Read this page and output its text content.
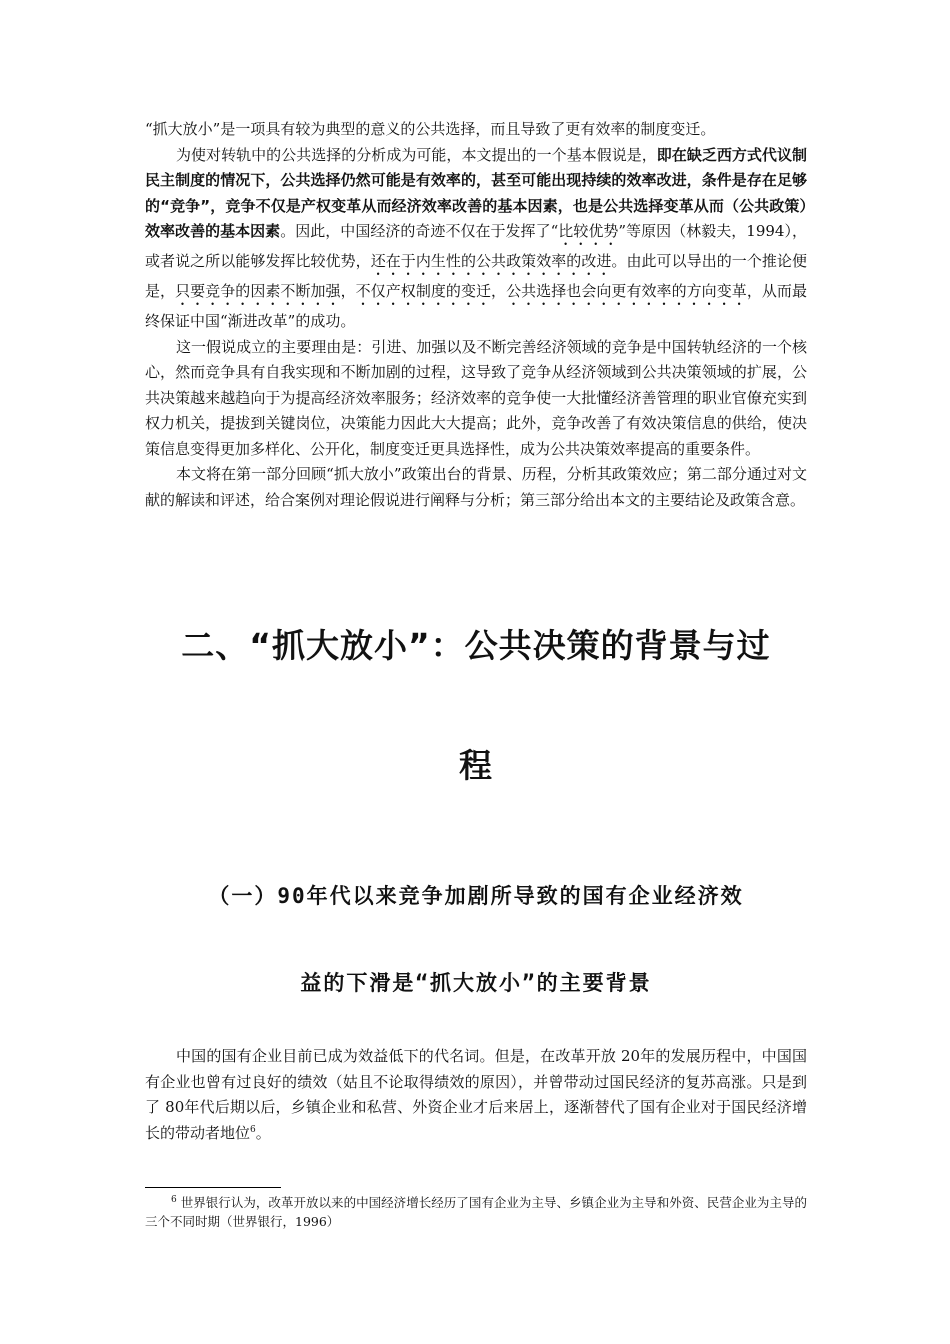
“抓大放小”是一项具有较为典型的意义的公共选择，而且导致了更有效率的制度变迁。

为使对转轨中的公共选择的分析成为可能，本文提出的一个基本假说是，即在缺乏西方式代议制民主制度的情况下，公共选择仍然可能是有效率的，甚至可能出现持续的效率改进，条件是存在足够的“竞争”，竞争不仅是产权变革从而经济效率改善的基本因素，也是公共选择变革从而（公共政策）效率改善的基本因素。因此，中国经济的奇迹不仅在于发挥了“比较优势”等原因（林毅夫，1994），或者说之所以能够发挥比较优势，还在于内生性的公共政策效率的改进。由此可以导出的一个推论便是，只要竞争的因素不断加强，不仅产权制度的变迁，公共选择也会向更有效率的方向变革，从而最终保证中国“渐进改革”的成功。

这一假说成立的主要理由是：引进、加强以及不断完善经济领域的竞争是中国转轨经济的一个核心，然而竞争具有自我实现和不断加剧的过程，这导致了竞争从经济领域到公共决策领域的扩展，公共决策越来越趋向于为提高经济效率服务；经济效率的竞争使一大批懂经济善管理的职业官僚充实到权力机关，提拔到关键岗位，决策能力因此大大提高；此外，竞争改善了有效决策信息的供给，使决策信息变得更加多样化、公开化，制度变迁更具选择性，成为公共决策效率提高的重要条件。

本文将在第一部分回顾“抓大放小”政策出台的背景、历程，分析其政策效应；第二部分通过对文献的解读和评述，给合案例对理论假说进行阐释与分析；第三部分给出本文的主要结论及政策含意。

二、“抓大放小”：公共决策的背景与过
程
（一）90年代以来竞争加剧所导致的国有企业经济效
益的下滑是“抓大放小”的主要背景

中国的国有企业目前已成为效益低下的代名词。但是，在改革开放 20年的发展历程中，中国国有企业也曾有过良好的绩效（姑且不论取得绩效的原因），并曾带动过国民经济的复苏高涨。只是到了 80年代后期以后，乡镇企业和私营、外资企业才后来居上，逐渐替代了国有企业对于国民经济增长的带动者地位$^6$。

$^6$ 世界银行认为，改革开放以来的中国经济增长经历了国有企业为主导、乡镇企业为主导和外资、民营企业为主导的三个不同时期（世界银行，1996）
